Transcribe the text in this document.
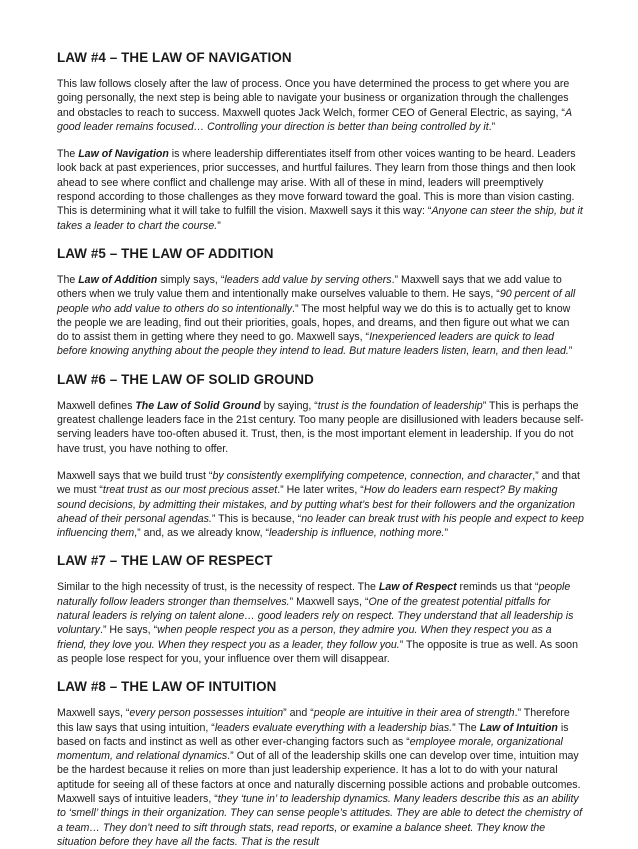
LAW #4 – THE LAW OF NAVIGATION

This law follows closely after the law of process. Once you have determined the process to get where you are going personally, the next step is being able to navigate your business or organization through the challenges and obstacles to reach to success. Maxwell quotes Jack Welch, former CEO of General Electric, as saying, “A good leader remains focused… Controlling your direction is better than being controlled by it.”

The Law of Navigation is where leadership differentiates itself from other voices wanting to be heard. Leaders look back at past experiences, prior successes, and hurtful failures. They learn from those things and then look ahead to see where conflict and challenge may arise. With all of these in mind, leaders will preemptively respond according to those challenges as they move forward toward the goal. This is more than vision casting. This is determining what it will take to fulfill the vision. Maxwell says it this way: “Anyone can steer the ship, but it takes a leader to chart the course.”

LAW #5 – THE LAW OF ADDITION

The Law of Addition simply says, “leaders add value by serving others.” Maxwell says that we add value to others when we truly value them and intentionally make ourselves valuable to them. He says, “90 percent of all people who add value to others do so intentionally.” The most helpful way we do this is to actually get to know the people we are leading, find out their priorities, goals, hopes, and dreams, and then figure out what we can do to assist them in getting where they need to go. Maxwell says, “Inexperienced leaders are quick to lead before knowing anything about the people they intend to lead. But mature leaders listen, learn, and then lead.”

LAW #6 – THE LAW OF SOLID GROUND

Maxwell defines The Law of Solid Ground by saying, “trust is the foundation of leadership” This is perhaps the greatest challenge leaders face in the 21st century. Too many people are disillusioned with leaders because self-serving leaders have too-often abused it. Trust, then, is the most important element in leadership. If you do not have trust, you have nothing to offer.

Maxwell says that we build trust “by consistently exemplifying competence, connection, and character,” and that we must “treat trust as our most precious asset.” He later writes, “How do leaders earn respect? By making sound decisions, by admitting their mistakes, and by putting what’s best for their followers and the organization ahead of their personal agendas.” This is because, “no leader can break trust with his people and expect to keep influencing them,” and, as we already know, “leadership is influence, nothing more.”

LAW #7 – THE LAW OF RESPECT

Similar to the high necessity of trust, is the necessity of respect. The Law of Respect reminds us that “people naturally follow leaders stronger than themselves.” Maxwell says, “One of the greatest potential pitfalls for natural leaders is relying on talent alone… good leaders rely on respect. They understand that all leadership is voluntary.” He says, “when people respect you as a person, they admire you. When they respect you as a friend, they love you. When they respect you as a leader, they follow you.” The opposite is true as well. As soon as people lose respect for you, your influence over them will disappear.

LAW #8 – THE LAW OF INTUITION

Maxwell says, “every person possesses intuition” and “people are intuitive in their area of strength.” Therefore this law says that using intuition, “leaders evaluate everything with a leadership bias.” The Law of Intuition is based on facts and instinct as well as other ever-changing factors such as “employee morale, organizational momentum, and relational dynamics.” Out of all of the leadership skills one can develop over time, intuition may be the hardest because it relies on more than just leadership experience. It has a lot to do with your natural aptitude for seeing all of these factors at once and naturally discerning possible actions and probable outcomes. Maxwell says of intuitive leaders, “they ‘tune in’ to leadership dynamics. Many leaders describe this as an ability to ‘smell’ things in their organization. They can sense people’s attitudes. They are able to detect the chemistry of a team… They don’t need to sift through stats, read reports, or examine a balance sheet. They know the situation before they have all the facts. That is the result
